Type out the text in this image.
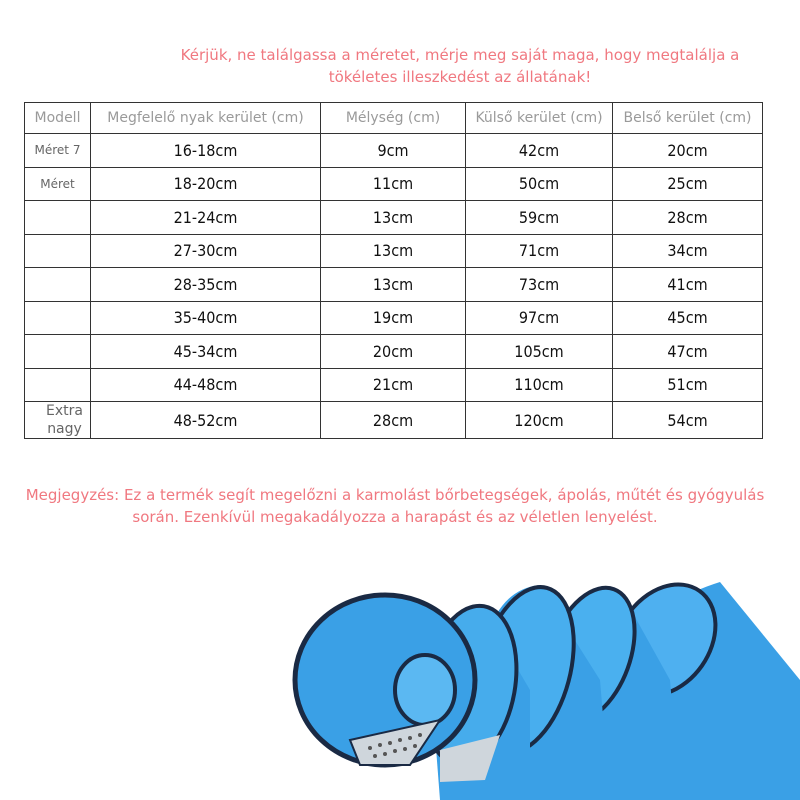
Kérjük, ne találgassa a méretet, mérje meg saját maga, hogy megtalálja a tökéletes illeszkedést az állatának!
Modell	Megfelelő nyak kerület (cm)	Mélység (cm)	Külső kerület (cm)	Belső kerület (cm)
Méret 7	16-18cm	9cm	42cm	20cm
Méret	18-20cm	11cm	50cm	25cm
	21-24cm	13cm	59cm	28cm
	27-30cm	13cm	71cm	34cm
	28-35cm	13cm	73cm	41cm
	35-40cm	19cm	97cm	45cm
	45-34cm	20cm	105cm	47cm
	44-48cm	21cm	110cm	51cm
Extra nagy	48-52cm	28cm	120cm	54cm
Megjegyzés: Ez a termék segít megelőzni a karmolást bőrbetegségek, ápolás, műtét és gyógyulás során. Ezenkívül megakadályozza a harapást és az véletlen lenyelést.
